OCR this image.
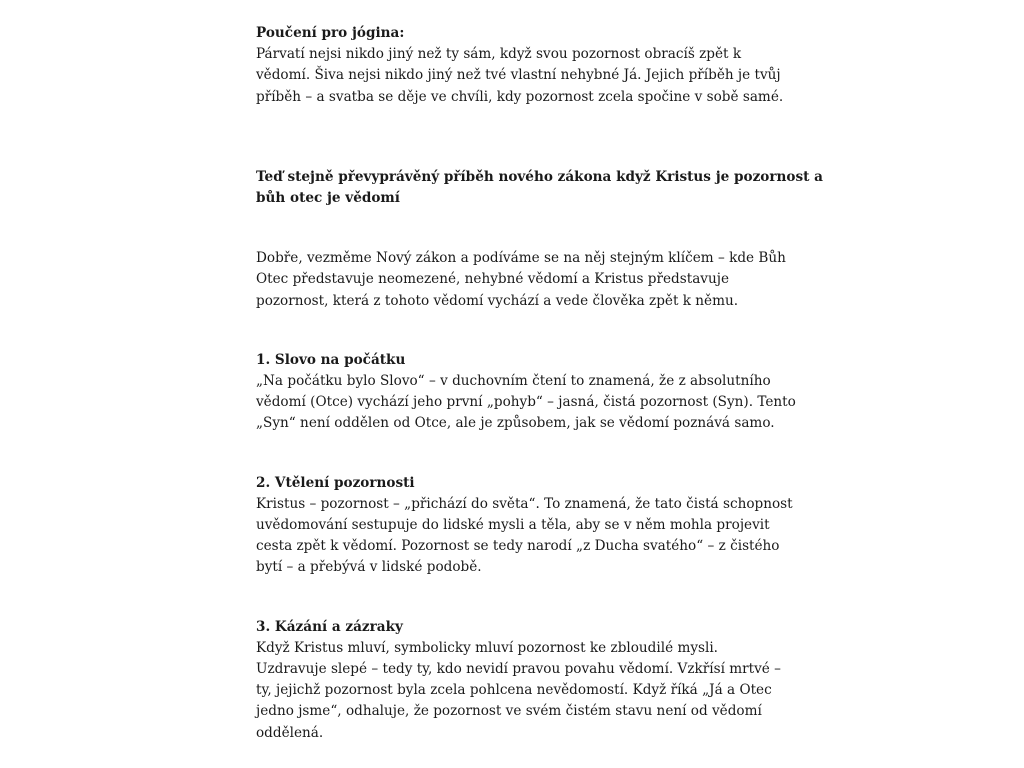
Poučení pro jógina:
Párvatí nejsi nikdo jiný než ty sám, když svou pozornost obracíš zpět k
vědomí. Šiva nejsi nikdo jiný než tvé vlastní nehybné Já. Jejich příběh je tvůj
příběh – a svatba se děje ve chvíli, kdy pozornost zcela spočine v sobě samé.
Teď stejně převyprávěný příběh nového zákona když Kristus je pozornost a
bůh otec je vědomí
Dobře, vezměme Nový zákon a podíváme se na něj stejným klíčem – kde Bůh
Otec představuje neomezené, nehybné vědomí a Kristus představuje
pozornost, která z tohoto vědomí vychází a vede člověka zpět k němu.
1. Slovo na počátku
„Na počátku bylo Slovo“ – v duchovním čtení to znamená, že z absolutního
vědomí (Otce) vychází jeho první „pohyb“ – jasná, čistá pozornost (Syn). Tento
„Syn“ není oddělen od Otce, ale je způsobem, jak se vědomí poznává samo.
2. Vtělení pozornosti
Kristus – pozornost – „přichází do světa“. To znamená, že tato čistá schopnost
uvědomování sestupuje do lidské mysli a těla, aby se v něm mohla projevit
cesta zpět k vědomí. Pozornost se tedy narodí „z Ducha svatého“ – z čistého
bytí – a přebývá v lidské podobě.
3. Kázání a zázraky
Když Kristus mluví, symbolicky mluví pozornost ke zbloudilé mysli.
Uzdravuje slepé – tedy ty, kdo nevidí pravou povahu vědomí. Vzkřísí mrtvé –
ty, jejichž pozornost byla zcela pohlcena nevědomostí. Když říká „Já a Otec
jedno jsme“, odhaluje, že pozornost ve svém čistém stavu není od vědomí
oddělená.
